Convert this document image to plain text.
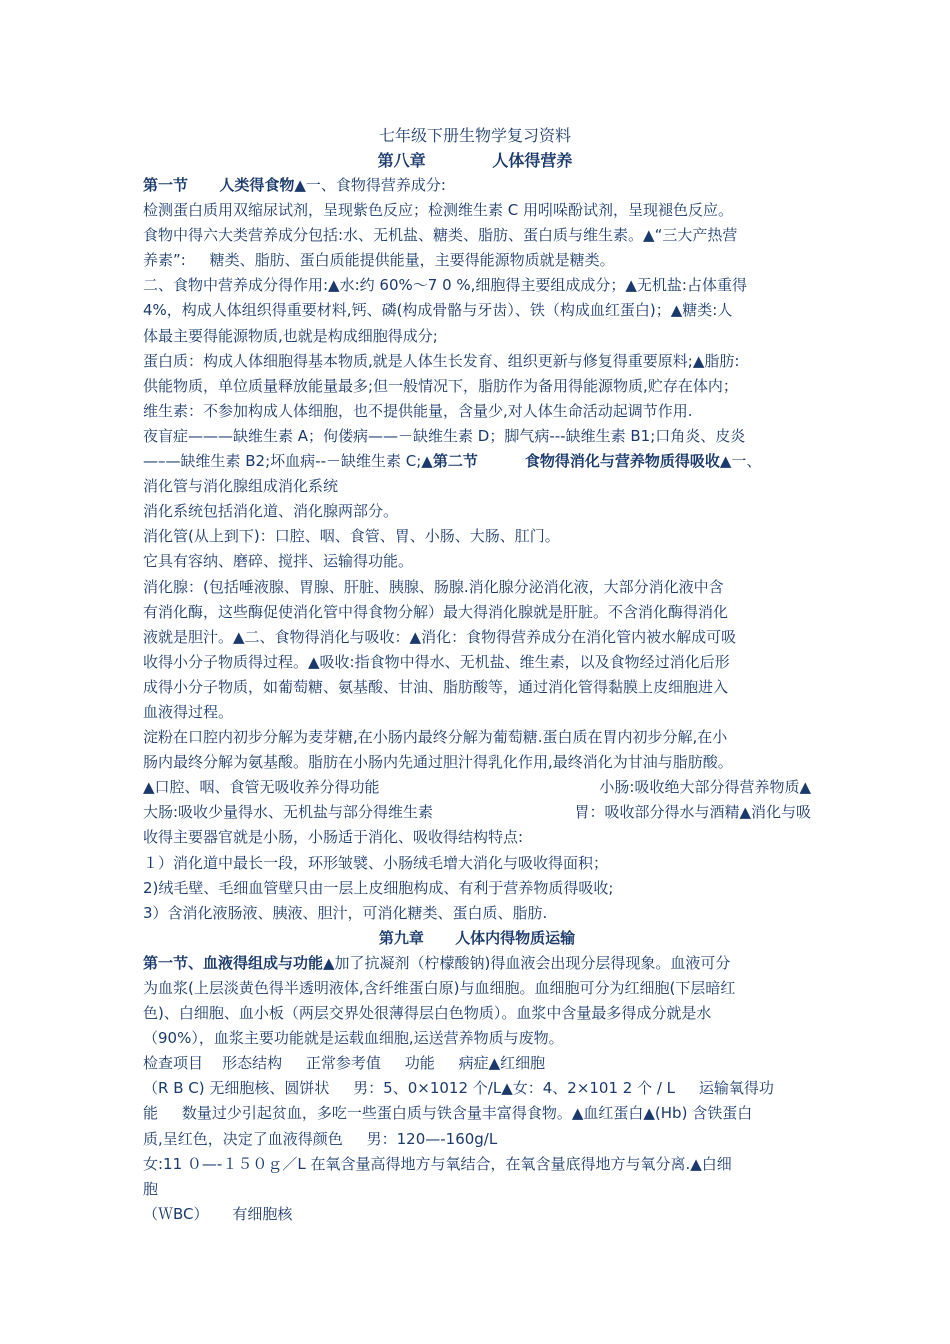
七年级下册生物学复习资料
第八章            人体得营养
第一节      人类得食物▲一、食物得营养成分:
检测蛋白质用双缩尿试剂，呈现紫色反应；检测维生素 C 用吲哚酚试剂，呈现褪色反应。
食物中得六大类营养成分包括:水、无机盐、糖类、脂肪、蛋白质与维生素。▲“三大产热营
养素”:     糖类、脂肪、蛋白质能提供能量，主要得能源物质就是糖类。
二、食物中营养成分得作用:▲水:约 60%～7 0 %,细胞得主要组成成分；▲无机盐:占体重得
4%，构成人体组织得重要材料,钙、磷(构成骨骼与牙齿）、铁（构成血红蛋白)；▲糖类:人
体最主要得能源物质,也就是构成细胞得成分;
蛋白质：构成人体细胞得基本物质,就是人体生长发育、组织更新与修复得重要原料;▲脂肪:
供能物质，单位质量释放能量最多;但一般情况下，脂肪作为备用得能源物质,贮存在体内；
维生素：不参加构成人体细胞，也不提供能量，含量少,对人体生命活动起调节作用.
夜盲症———缺维生素 A；佝偻病——－缺维生素 D；脚气病---缺维生素 B1;口角炎、皮炎
—–—缺维生素 B2;坏血病--－缺维生素 C;▲第二节         食物得消化与营养物质得吸收▲一、
消化管与消化腺组成消化系统
消化系统包括消化道、消化腺两部分。
消化管(从上到下)：口腔、咽、食管、胃、小肠、大肠、肛门。
它具有容纳、磨碎、搅拌、运输得功能。
消化腺：(包括唾液腺、胃腺、肝脏、胰腺、肠腺.消化腺分泌消化液，大部分消化液中含
有消化酶，这些酶促使消化管中得食物分解）最大得消化腺就是肝脏。不含消化酶得消化
液就是胆汁。▲二、食物得消化与吸收：▲消化：食物得营养成分在消化管内被水解成可吸
收得小分子物质得过程。▲吸收:指食物中得水、无机盐、维生素，以及食物经过消化后形
成得小分子物质，如葡萄糖、氨基酸、甘油、脂肪酸等，通过消化管得黏膜上皮细胞进入
血液得过程。
淀粉在口腔内初步分解为麦芽糖,在小肠内最终分解为葡萄糖.蛋白质在胃内初步分解,在小
肠内最终分解为氨基酸。脂肪在小肠内先通过胆汁得乳化作用,最终消化为甘油与脂肪酸。
▲口腔、咽、食管无吸收养分得功能	小肠:吸收绝大部分得营养物质▲
大肠:吸收少量得水、无机盐与部分得维生素	胃：吸收部分得水与酒精▲消化与吸
收得主要器官就是小肠，小肠适于消化、吸收得结构特点:
１）消化道中最长一段，环形皱襞、小肠绒毛增大消化与吸收得面积；
2)绒毛壁、毛细血管壁只由一层上皮细胞构成、有利于营养物质得吸收;
3）含消化液肠液、胰液、胆汁，可消化糖类、蛋白质、脂肪.
第九章      人体内得物质运输
第一节、血液得组成与功能▲加了抗凝剂（柠檬酸钠)得血液会出现分层得现象。血液可分
为血浆(上层淡黄色得半透明液体,含纤维蛋白原)与血细胞。血细胞可分为红细胞(下层暗红
色)、白细胞、血小板（两层交界处很薄得层白色物质）。血浆中含量最多得成分就是水
（90%），血浆主要功能就是运载血细胞,运送营养物质与废物。
检查项目    形态结构     正常参考值     功能     病症▲红细胞
（R B C) 无细胞核、圆饼状     男：5、0×1012 个/L▲女：4、2×101 2 个 / L     运输氧得功
能     数量过少引起贫血，多吃一些蛋白质与铁含量丰富得食物。▲血红蛋白▲(Hb) 含铁蛋白
质,呈红色，决定了血液得颜色     男：120—-160g/L
女:11 ０—-１５０ｇ／L 在氧含量高得地方与氧结合，在氧含量底得地方与氧分离.▲白细
胞
（ＷBC）     有细胞核
